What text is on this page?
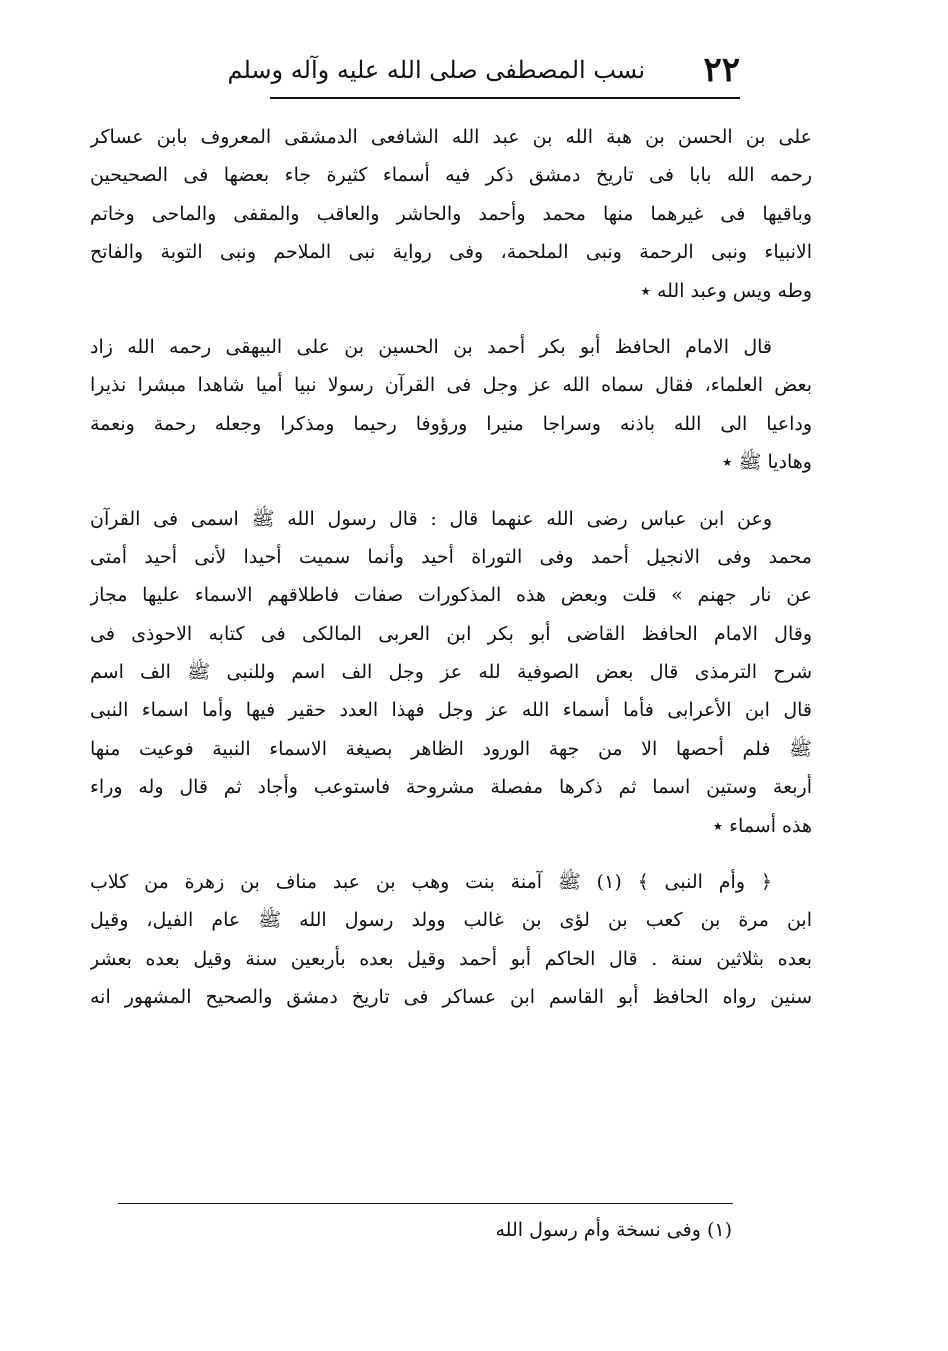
٢٢
نسب المصطفى صلى الله عليه وآله وسلم
على بن الحسن بن هبة الله بن عبد الله الشافعى الدمشقى المعروف بابن عساكر
رحمه الله بابا فى تاريخ دمشق ذكر فيه أسماء كثيرة جاء بعضها فى الصحيحين
وباقيها فى غيرهما منها محمد وأحمد والحاشر والعاقب والمقفى والماحى وخاتم
الانبياء ونبى الرحمة ونبى الملحمة، وفى رواية نبى الملاحم ونبى التوبة والفاتح
وطه ويس وعبد الله ٭
قال الامام الحافظ أبو بكر أحمد بن الحسين بن على البيهقى رحمه الله زاد
بعض العلماء، فقال سماه الله عز وجل فى القرآن رسولا نبيا أميا شاهدا مبشرا نذيرا
وداعيا الى الله باذنه وسراجا منيرا ورؤوفا رحيما ومذكرا وجعله رحمة ونعمة
وهاديا ﷺ ٭
وعن ابن عباس رضى الله عنهما قال : قال رسول الله ﷺ اسمى فى القرآن
محمد وفى الانجيل أحمد وفى التوراة أحيد وأنما سميت أحيدا لأنى أحيد أمتى
عن نار جهنم » قلت وبعض هذه المذكورات صفات فاطلاقهم الاسماء عليها مجاز
وقال الامام الحافظ القاضى أبو بكر ابن العربى المالكى فى كتابه الاحوذى فى
شرح الترمذى قال بعض الصوفية لله عز وجل الف اسم وللنبى ﷺ الف اسم
قال ابن الأعرابى فأما أسماء الله عز وجل فهذا العدد حقير فيها وأما اسماء النبى
ﷺ فلم أحصها الا من جهة الورود الظاهر بصيغة الاسماء النبية فوعيت منها
أربعة وستين اسما ثم ذكرها مفصلة مشروحة فاستوعب وأجاد ثم قال وله وراء
هذه أسماء ٭
﴿ وأم النبى ﴾ (١) ﷺ آمنة بنت وهب بن عبد مناف بن زهرة من كلاب
ابن مرة بن كعب بن لؤى بن غالب وولد رسول الله ﷺ عام الفيل، وقيل
بعده بثلاثين سنة . قال الحاكم أبو أحمد وقيل بعده بأربعين سنة وقيل بعده بعشر
سنين رواه الحافظ أبو القاسم ابن عساكر فى تاريخ دمشق والصحيح المشهور انه
(١) وفى نسخة وأم رسول الله
